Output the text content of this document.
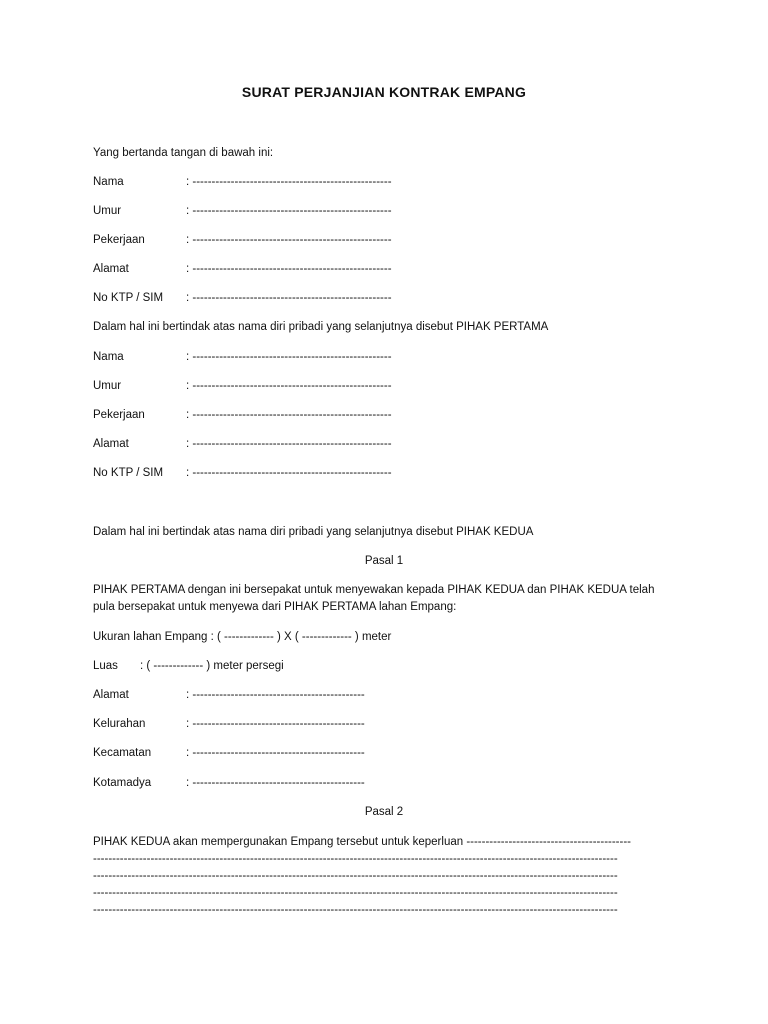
SURAT PERJANJIAN KONTRAK EMPANG
Yang bertanda tangan di bawah ini:
Nama	: ----------------------------------------------------
Umur	: ----------------------------------------------------
Pekerjaan	: ----------------------------------------------------
Alamat	: ----------------------------------------------------
No KTP / SIM : ----------------------------------------------------
Dalam hal ini bertindak atas nama diri pribadi yang selanjutnya disebut PIHAK PERTAMA
Nama	: ----------------------------------------------------
Umur	: ----------------------------------------------------
Pekerjaan	: ----------------------------------------------------
Alamat	: ----------------------------------------------------
No KTP / SIM : ----------------------------------------------------
Dalam hal ini bertindak atas nama diri pribadi yang selanjutnya disebut PIHAK KEDUA
Pasal 1
PIHAK PERTAMA dengan ini bersepakat untuk menyewakan kepada PIHAK KEDUA dan PIHAK KEDUA telah pula bersepakat untuk menyewa dari PIHAK PERTAMA lahan Empang:
Ukuran lahan Empang : ( ------------- ) X ( ------------- ) meter
Luas : ( ------------- ) meter persegi
Alamat	: ---------------------------------------------
Kelurahan	: ---------------------------------------------
Kecamatan	: ---------------------------------------------
Kotamadya	: ---------------------------------------------
Pasal 2
PIHAK KEDUA akan mempergunakan Empang tersebut untuk keperluan -------------------------------------------
-----------------------------------------------------------------------------------------------------------------------------------------
-----------------------------------------------------------------------------------------------------------------------------------------
-----------------------------------------------------------------------------------------------------------------------------------------
-----------------------------------------------------------------------------------------------------------------------------------------
